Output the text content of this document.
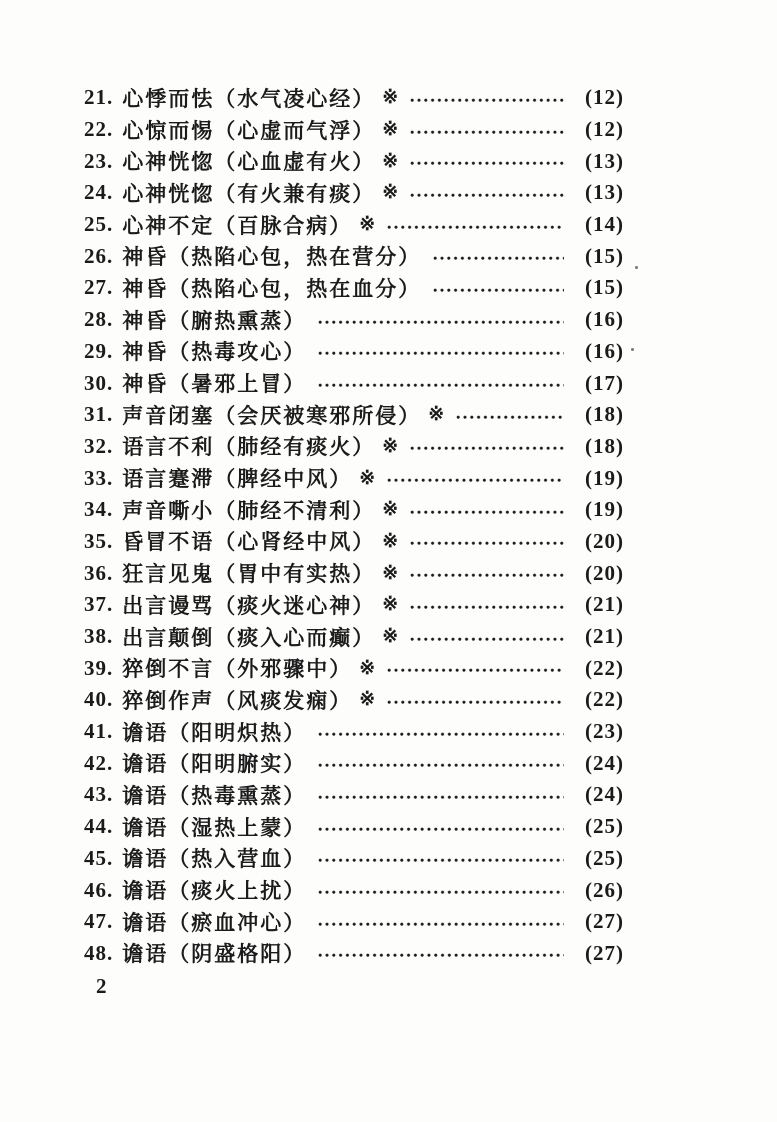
21. 心悸而怯（水气凌心经） ※	(12)
22. 心惊而惕（心虚而气浮） ※	(12)
23. 心神恍惚（心血虚有火） ※	(13)
24. 心神恍惚（有火兼有痰） ※	(13)
25. 心神不定（百脉合病） ※	(14)
26. 神昏（热陷心包，热在营分）	(15)
27. 神昏（热陷心包，热在血分）	(15)
28. 神昏（腑热熏蒸）	(16)
29. 神昏（热毒攻心）	(16)
30. 神昏（暑邪上冒）	(17)
31. 声音闭塞（会厌被寒邪所侵） ※	(18)
32. 语言不利（肺经有痰火） ※	(18)
33. 语言蹇滞（脾经中风） ※	(19)
34. 声音嘶小（肺经不清利） ※	(19)
35. 昏冒不语（心肾经中风） ※	(20)
36. 狂言见鬼（胃中有实热） ※	(20)
37. 出言谩骂（痰火迷心神） ※	(21)
38. 出言颠倒（痰入心而癫） ※	(21)
39. 猝倒不言（外邪骤中） ※	(22)
40. 猝倒作声（风痰发痫） ※	(22)
41. 谵语（阳明炽热）	(23)
42. 谵语（阳明腑实）	(24)
43. 谵语（热毒熏蒸）	(24)
44. 谵语（湿热上蒙）	(25)
45. 谵语（热入营血）	(25)
46. 谵语（痰火上扰）	(26)
47. 谵语（瘀血冲心）	(27)
48. 谵语（阴盛格阳）	(27)
2
